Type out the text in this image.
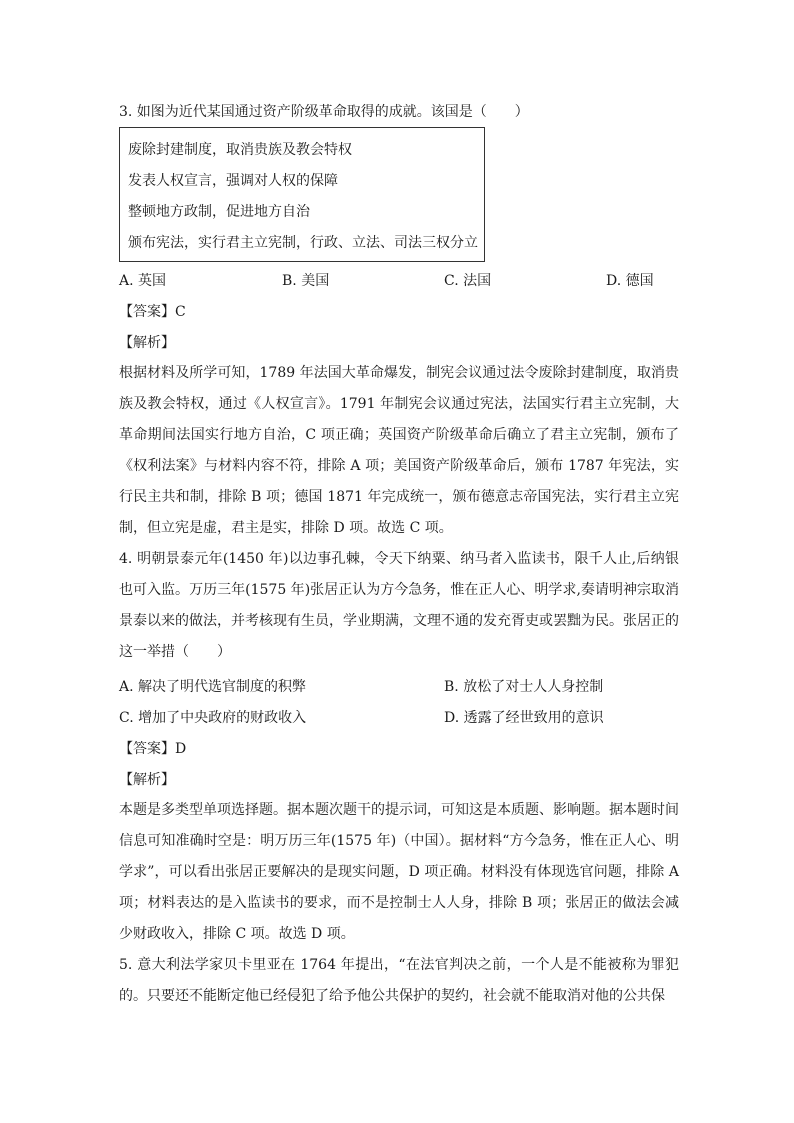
3. 如图为近代某国通过资产阶级革命取得的成就。该国是（　　）
废除封建制度，取消贵族及教会特权
发表人权宣言，强调对人权的保障
整顿地方政制，促进地方自治
颁布宪法，实行君主立宪制，行政、立法、司法三权分立
A. 英国	B. 美国	C. 法国	D. 德国
【答案】C
【解析】
根据材料及所学可知，1789 年法国大革命爆发，制宪会议通过法令废除封建制度，取消贵族及教会特权，通过《人权宣言》。1791 年制宪会议通过宪法，法国实行君主立宪制，大革命期间法国实行地方自治，C 项正确；英国资产阶级革命后确立了君主立宪制，颁布了《权利法案》与材料内容不符，排除 A 项；美国资产阶级革命后，颁布 1787 年宪法，实行民主共和制，排除 B 项；德国 1871 年完成统一，颁布德意志帝国宪法，实行君主立宪制，但立宪是虚，君主是实，排除 D 项。故选 C 项。
4. 明朝景泰元年(1450 年)以边事孔棘，令天下纳粟、纳马者入监读书，限千人止,后纳银也可入监。万历三年(1575 年)张居正认为方今急务，惟在正人心、明学求,奏请明神宗取消景泰以来的做法，并考核现有生员，学业期满，文理不通的发充胥吏或罢黜为民。张居正的这一举措（　　）
A. 解决了明代选官制度的积弊	B. 放松了对士人人身控制
C. 增加了中央政府的财政收入	D. 透露了经世致用的意识
【答案】D
【解析】
本题是多类型单项选择题。据本题次题干的提示词，可知这是本质题、影响题。据本题时间信息可知准确时空是：明万历三年(1575 年)（中国）。据材料“方今急务，惟在正人心、明学求”，可以看出张居正要解决的是现实问题，D 项正确。材料没有体现选官问题，排除 A 项；材料表达的是入监读书的要求，而不是控制士人人身，排除 B 项；张居正的做法会减少财政收入，排除 C 项。故选 D 项。
5. 意大利法学家贝卡里亚在 1764 年提出，“在法官判决之前，一个人是不能被称为罪犯的。只要还不能断定他已经侵犯了给予他公共保护的契约，社会就不能取消对他的公共保
